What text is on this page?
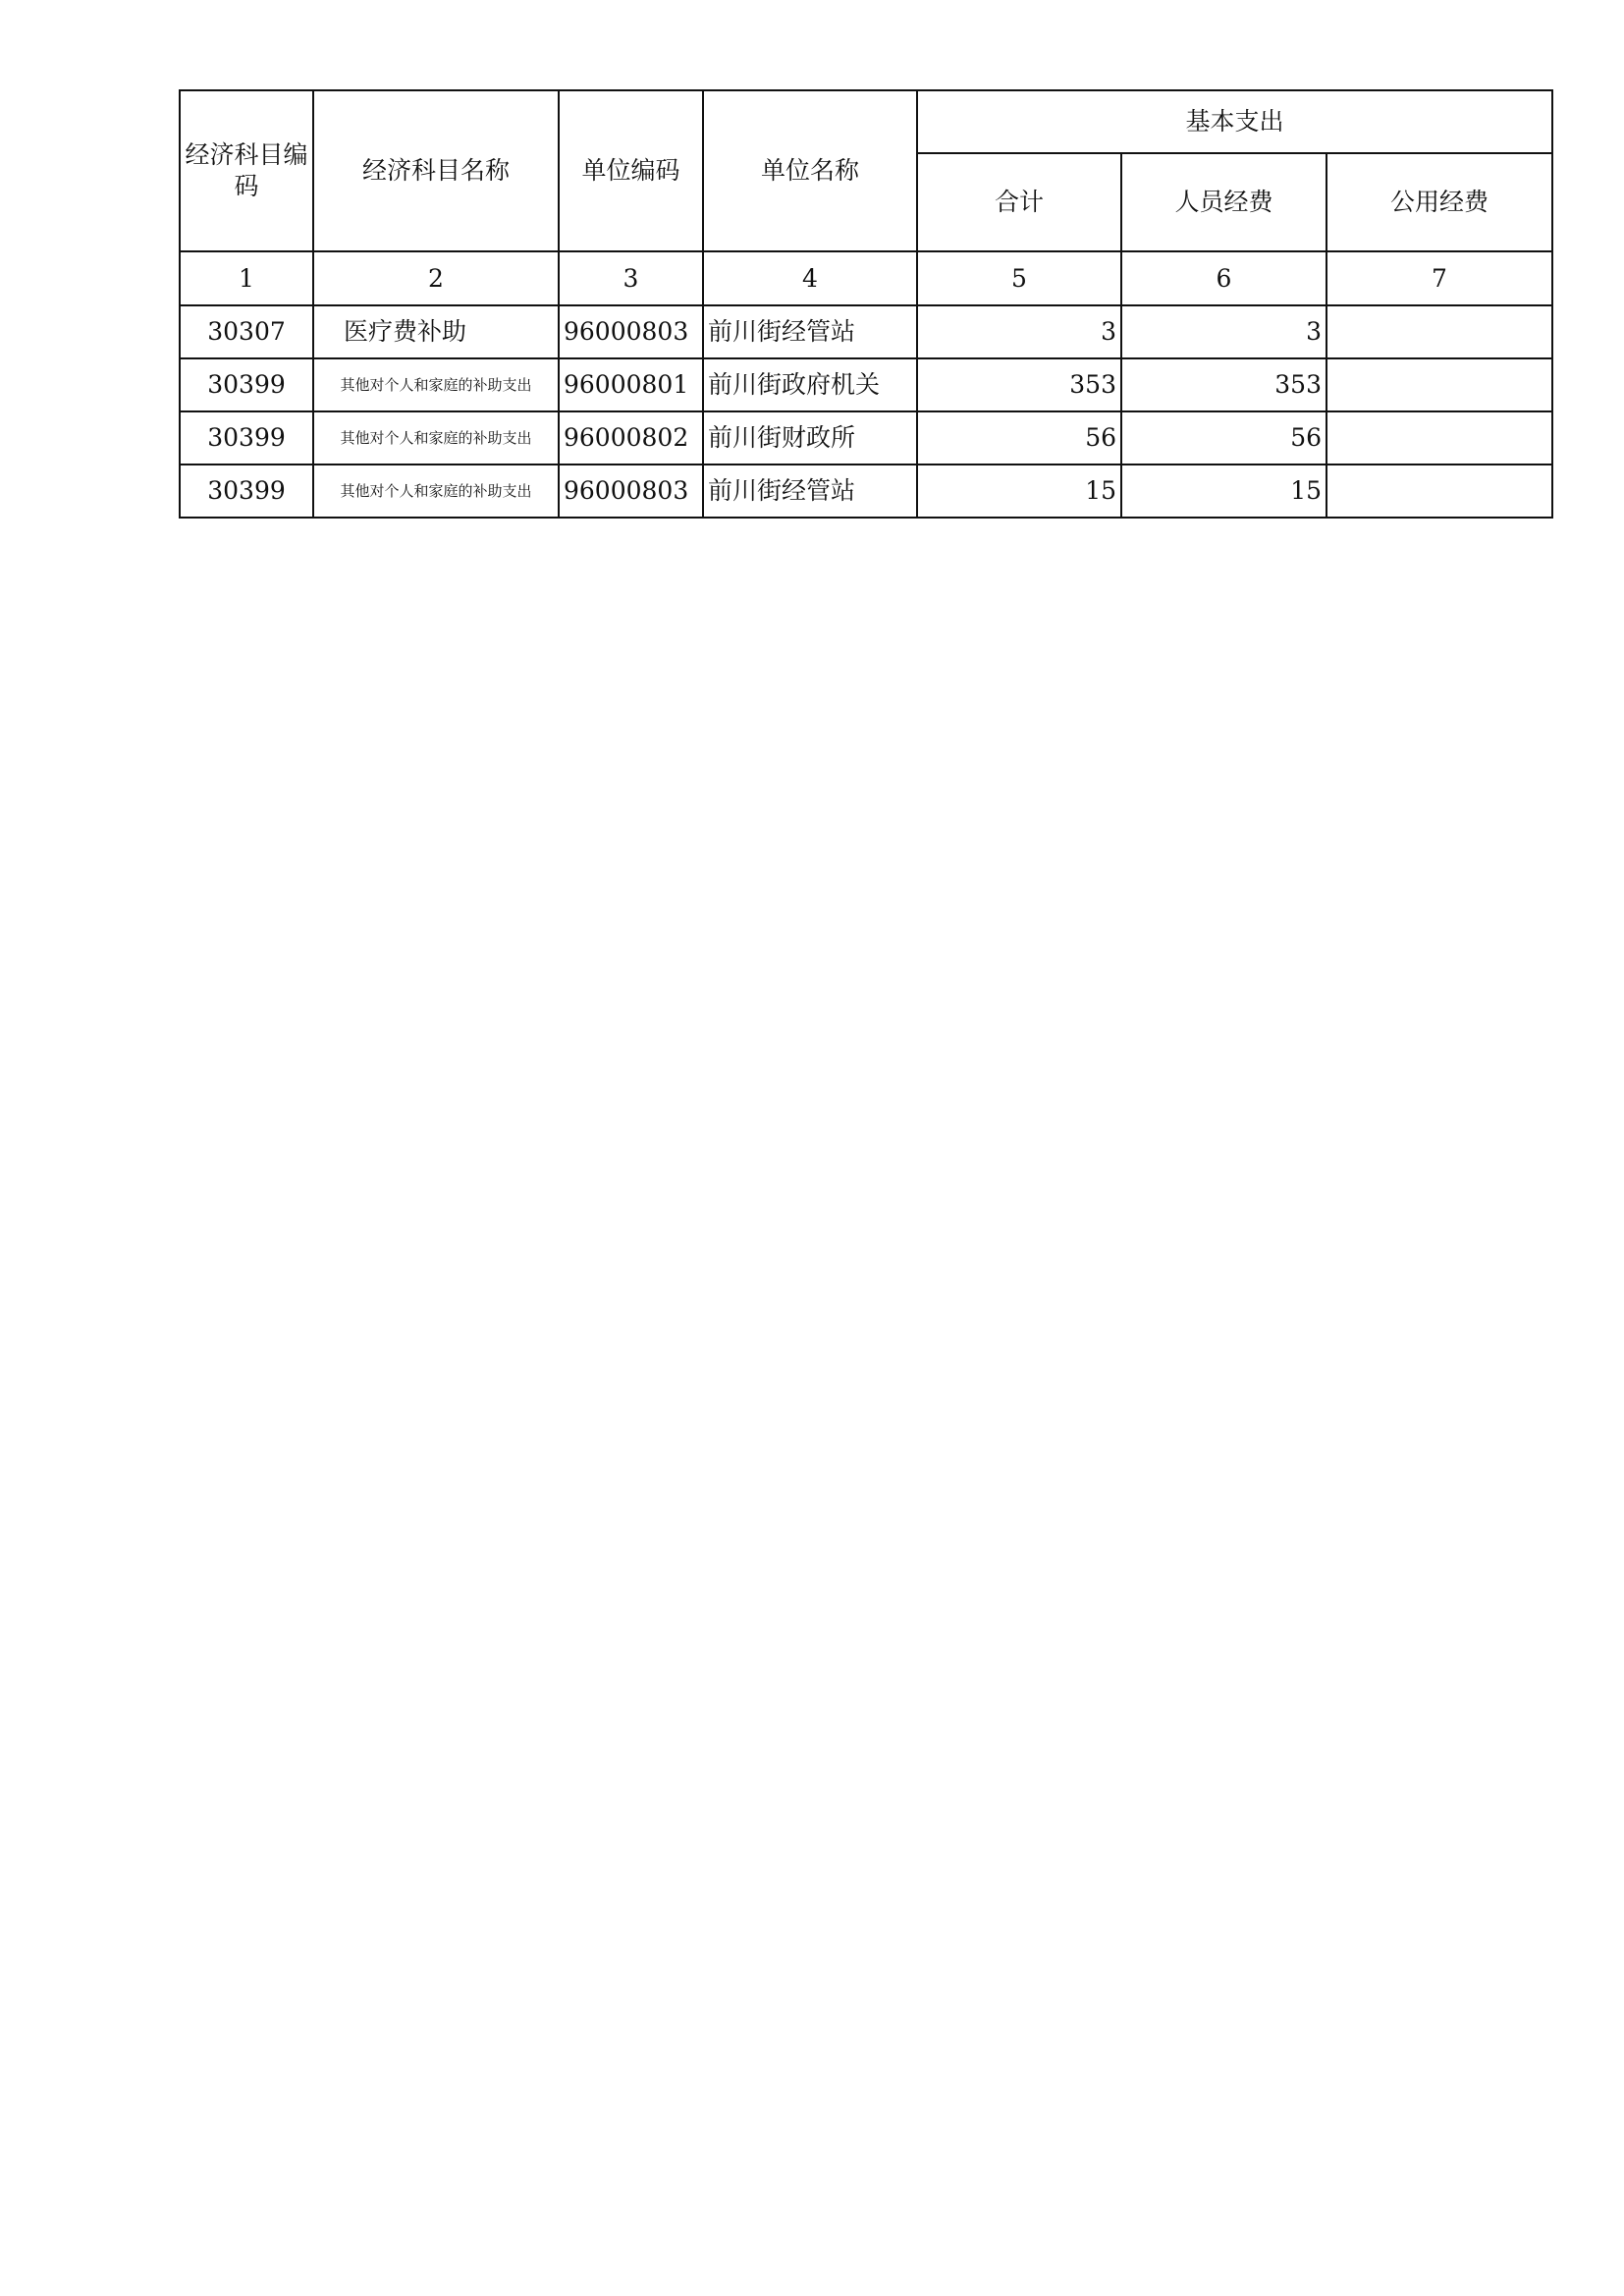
经济科目编码	经济科目名称	单位编码	单位名称	基本支出		
				合计	人员经费	公用经费
1	2	3	4	5	6	7
30307	医疗费补助	96000803	前川街经管站	3	3	
30399	其他对个人和家庭的补助支出	96000801	前川街政府机关	353	353	
30399	其他对个人和家庭的补助支出	96000802	前川街财政所	56	56	
30399	其他对个人和家庭的补助支出	96000803	前川街经管站	15	15	
